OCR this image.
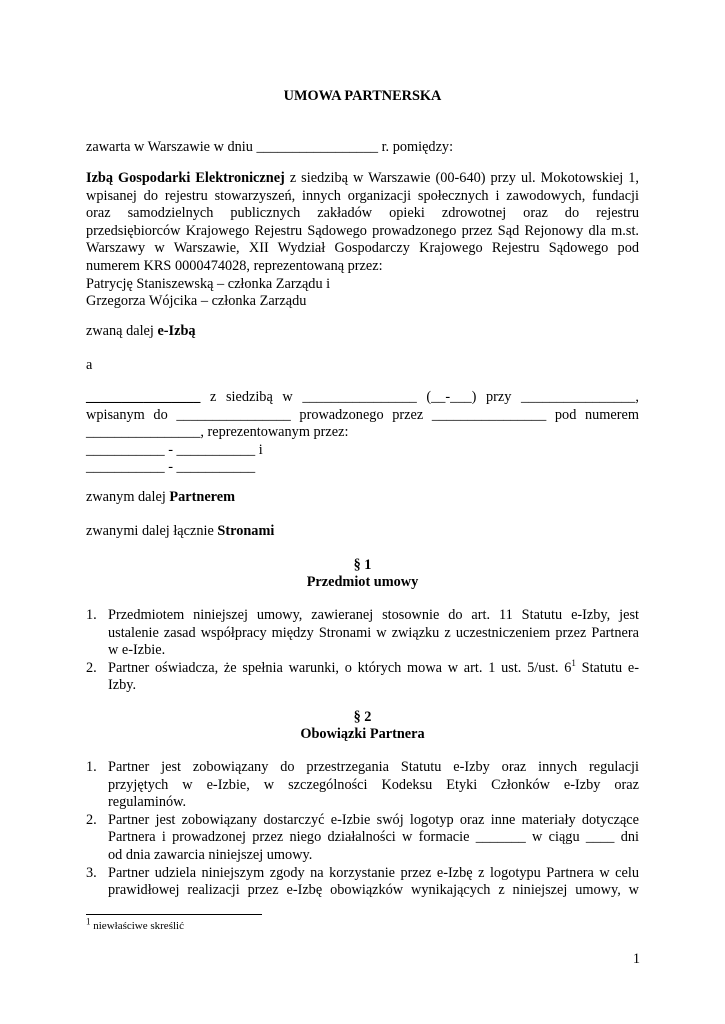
UMOWA PARTNERSKA
zawarta w Warszawie w dniu _________________ r. pomiędzy:
Izbą Gospodarki Elektronicznej z siedzibą w Warszawie (00-640) przy ul. Mokotowskiej 1,
wpisanej do rejestru stowarzyszeń, innych organizacji społecznych i zawodowych, fundacji
oraz samodzielnych publicznych zakładów opieki zdrowotnej oraz do rejestru
przedsiębiorców Krajowego Rejestru Sądowego prowadzonego przez Sąd Rejonowy dla m.st.
Warszawy w Warszawie, XII Wydział Gospodarczy Krajowego Rejestru Sądowego pod
numerem KRS 0000474028, reprezentowaną przez:
Patrycję Staniszewską – członka Zarządu i
Grzegorza Wójcika – członka Zarządu
zwaną dalej e-Izbą
a
________________ z siedzibą w ________________ (__-___) przy ________________,
wpisanym do ________________ prowadzonego przez ________________ pod numerem
________________, reprezentowanym przez:
___________ - ___________ i
___________ - ___________
zwanym dalej Partnerem
zwanymi dalej łącznie Stronami
§ 1
Przedmiot umowy
1. Przedmiotem niniejszej umowy, zawieranej stosownie do art. 11 Statutu e-Izby, jest
ustalenie zasad współpracy między Stronami w związku z uczestniczeniem przez Partnera
w e-Izbie.
2. Partner oświadcza, że spełnia warunki, o których mowa w art. 1 ust. 5/ust. $6^1$ Statutu e-
Izby.
§ 2
Obowiązki Partnera
1. Partner jest zobowiązany do przestrzegania Statutu e-Izby oraz innych regulacji
przyjętych w e-Izbie, w szczególności Kodeksu Etyki Członków e-Izby oraz
regulaminów.
2. Partner jest zobowiązany dostarczyć e-Izbie swój logotyp oraz inne materiały dotyczące
Partnera i prowadzonej przez niego działalności w formacie _______ w ciągu ____ dni
od dnia zawarcia niniejszej umowy.
3. Partner udziela niniejszym zgody na korzystanie przez e-Izbę z logotypu Partnera w celu
prawidłowej realizacji przez e-Izbę obowiązków wynikających z niniejszej umowy, w
$^1$ niewłaściwe skreślić
1
